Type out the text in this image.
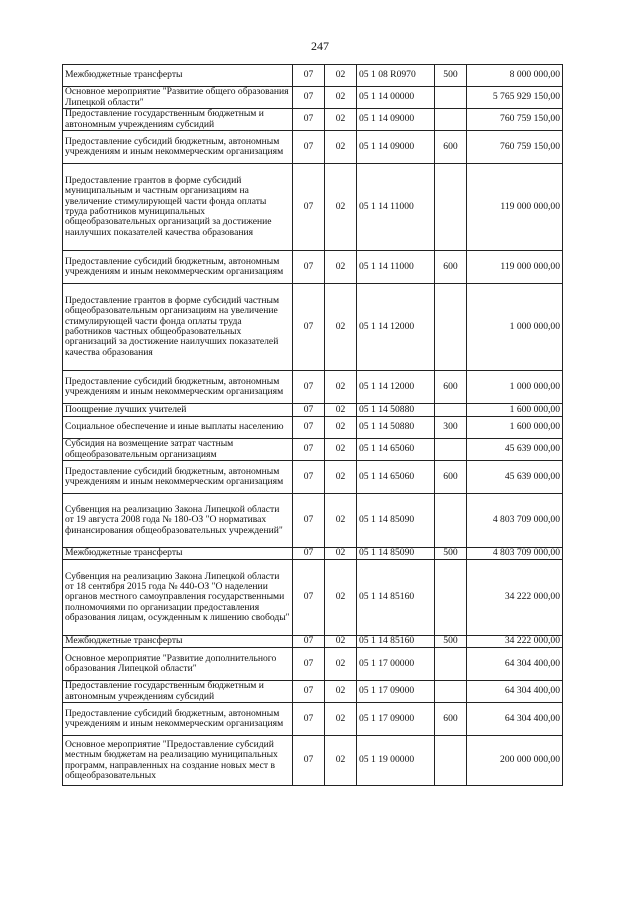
247
Межбюджетные трансферты	07	02	05 1 08 R0970	500	8 000 000,00
Основное мероприятие "Развитие общего образования Липецкой области"	07	02	05 1 14 00000		5 765 929 150,00
Предоставление государственным бюджетным и автономным учреждениям субсидий	07	02	05 1 14 09000		760 759 150,00
Предоставление субсидий бюджетным, автономным учреждениям и иным некоммерческим организациям	07	02	05 1 14 09000	600	760 759 150,00
Предоставление грантов в форме субсидий муниципальным и частным организациям на увеличение стимулирующей части фонда оплаты труда работников муниципальных общеобразовательных организаций за достижение наилучших показателей качества образования	07	02	05 1 14 11000		119 000 000,00
Предоставление субсидий бюджетным, автономным учреждениям и иным некоммерческим организациям	07	02	05 1 14 11000	600	119 000 000,00
Предоставление грантов в форме субсидий частным общеобразовательным организациям на увеличение стимулирующей части фонда оплаты труда работников частных общеобразовательных организаций за достижение наилучших показателей качества образования	07	02	05 1 14 12000		1 000 000,00
Предоставление субсидий бюджетным, автономным учреждениям и иным некоммерческим организациям	07	02	05 1 14 12000	600	1 000 000,00
Поощрение лучших учителей	07	02	05 1 14 50880		1 600 000,00
Социальное обеспечение и иные выплаты населению	07	02	05 1 14 50880	300	1 600 000,00
Субсидия на возмещение затрат частным общеобразовательным организациям	07	02	05 1 14 65060		45 639 000,00
Предоставление субсидий бюджетным, автономным учреждениям и иным некоммерческим организациям	07	02	05 1 14 65060	600	45 639 000,00
Субвенция на реализацию Закона Липецкой области от 19 августа 2008 года № 180-ОЗ "О нормативах финансирования общеобразовательных учреждений"	07	02	05 1 14 85090		4 803 709 000,00
Межбюджетные трансферты	07	02	05 1 14 85090	500	4 803 709 000,00
Субвенция на реализацию Закона Липецкой области от 18 сентября 2015 года № 440-ОЗ "О наделении органов местного самоуправления государственными полномочиями по организации предоставления образования лицам, осужденным к лишению свободы"	07	02	05 1 14 85160		34 222 000,00
Межбюджетные трансферты	07	02	05 1 14 85160	500	34 222 000,00
Основное мероприятие "Развитие дополнительного образования Липецкой области"	07	02	05 1 17 00000		64 304 400,00
Предоставление государственным бюджетным и автономным учреждениям субсидий	07	02	05 1 17 09000		64 304 400,00
Предоставление субсидий бюджетным, автономным учреждениям и иным некоммерческим организациям	07	02	05 1 17 09000	600	64 304 400,00
Основное мероприятие "Предоставление субсидий местным бюджетам на реализацию муниципальных программ, направленных на создание новых мест в общеобразовательных	07	02	05 1 19 00000		200 000 000,00
